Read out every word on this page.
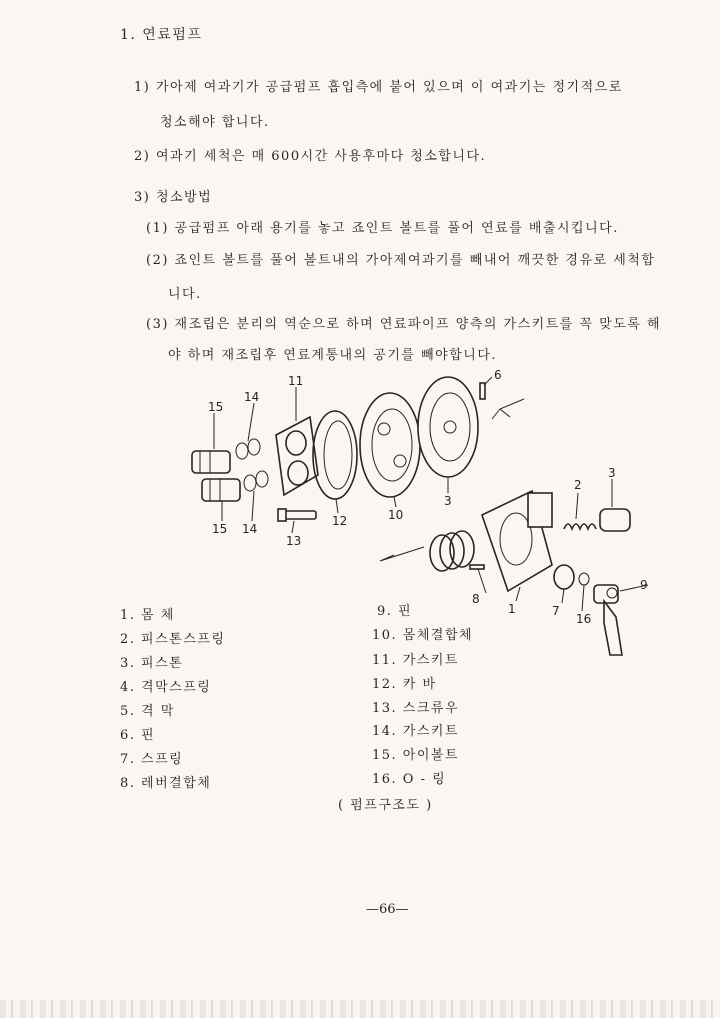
1. 연료펌프
1) 가아제 여과기가 공급펌프 흡입측에 붙어 있으며 이 여과기는 정기적으로
청소해야 합니다.
2) 여과기 세척은 매 600시간 사용후마다 청소합니다.
3) 청소방법
(1) 공급펌프 아래 용기를 놓고 죠인트 볼트를 풀어 연료를 배출시킵니다.
(2) 죠인트 볼트를 풀어 볼트내의 가아제여과기를 빼내어 깨끗한 경유로 세척합
니다.
(3) 재조립은 분리의 역순으로 하며 연료파이프 양측의 가스키트를 꼭 맞도록 해
야 하며 재조립후 연료계통내의 공기를 빼야합니다.
15
14
11	6
15 14
13
12	10
3
2
3
8
1	7
16
9
1. 몸 체
2. 피스톤스프링
3. 피스톤
4. 격막스프링
5. 격 막
6. 핀
7. 스프링
8. 레버결합체
9. 핀
10. 몸체결합체
11. 가스키트
12. 카 바
13. 스크류우
14. 가스키트
15. 아이볼트
16. O - 링
( 펌프구조도 )
—66—
